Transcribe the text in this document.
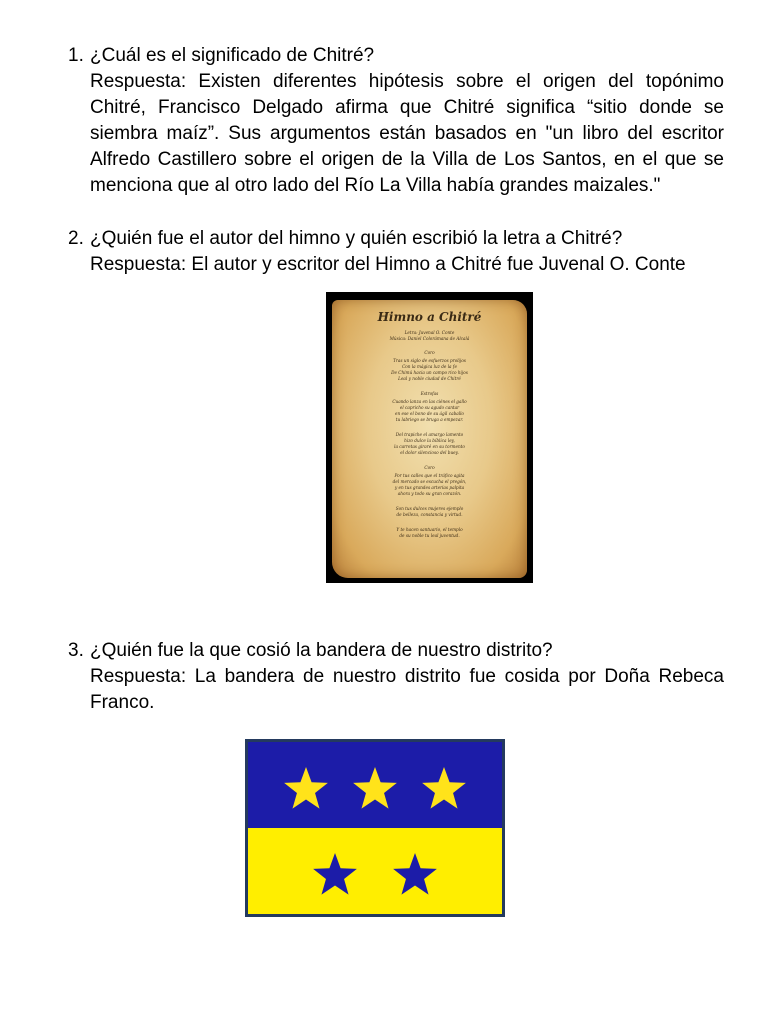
1. ¿Cuál es el significado de Chitré?
Respuesta: Existen diferentes hipótesis sobre el origen del topónimo Chitré, Francisco Delgado afirma que Chitré significa “sitio donde se siembra maíz”. Sus argumentos están basados en "un libro del escritor Alfredo Castillero sobre el origen de la Villa de Los Santos, en el que se menciona que al otro lado del Río La Villa había grandes maizales."
2. ¿Quién fue el autor del himno y quién escribió la letra a Chitré?
Respuesta: El autor y escritor del Himno a Chitré fue Juvenal O. Conte
Himno a Chitré
Letra: Juvenal O. Conte
Música: Daniel Colorámana de Alcalá
Coro
Tras un siglo de esfuerzos prolijos
Con la mágica luz de la fe
De Chimú hacia un campo rico hijos
Leal y noble ciudad de Chitré
Estrofas
Cuando lanza en las ciénes el gallo
el capricho su agudo cantar
en ese el bono de su ágil caballo
tu labriego se bruga a empezar.
Del trapiche el amargo lamento
hizo dulce la bíblica ley,
la carretas giraré en su tormento
el dolor silencioso del buey.
Coro
Por tus calles que el tráfico agita
del mercado se escucha el pregón,
y en tus grandes arterias palpita
ahora y todo su gran corazón.
Son tus dulces mujeres ejemplo
de belleza, constancia y virtud.
Y te hacen santuario, el templo
de su noble tu leal juventud.
3. ¿Quién fue la que cosió la bandera de nuestro distrito?
Respuesta: La bandera de nuestro distrito fue cosida por Doña Rebeca Franco.
